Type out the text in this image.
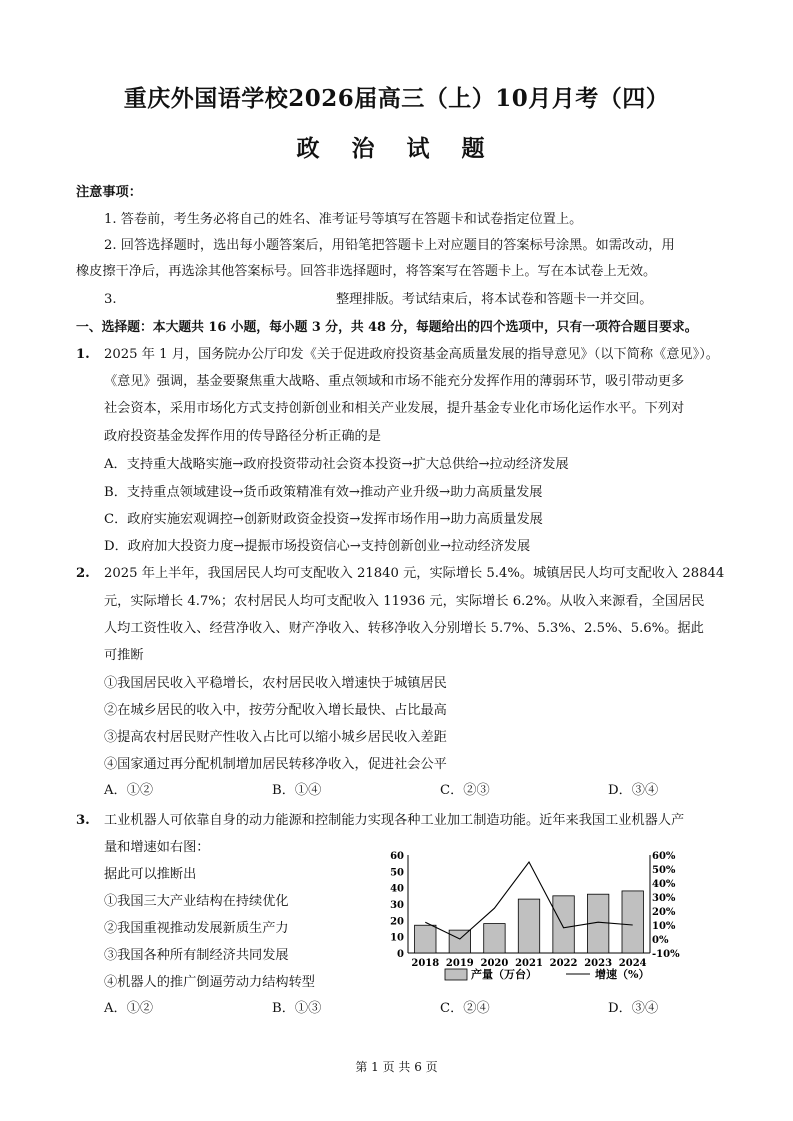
重庆外国语学校2026届高三（上）10月月考（四）
政 治 试 题
注意事项：
1. 答卷前，考生务必将自己的姓名、准考证号等填写在答题卡和试卷指定位置上。
2. 回答选择题时，选出每小题答案后，用铅笔把答题卡上对应题目的答案标号涂黑。如需改动，用
橡皮擦干净后，再选涂其他答案标号。回答非选择题时，将答案写在答题卡上。写在本试卷上无效。
3.	整理排版。考试结束后，将本试卷和答题卡一并交回。
一、选择题：本大题共 16 小题，每小题 3 分，共 48 分，每题给出的四个选项中，只有一项符合题目要求。
1. 2025 年 1 月，国务院办公厅印发《关于促进政府投资基金高质量发展的指导意见》（以下简称《意见》）。
《意见》强调，基金要聚焦重大战略、重点领域和市场不能充分发挥作用的薄弱环节，吸引带动更多
社会资本，采用市场化方式支持创新创业和相关产业发展，提升基金专业化市场化运作水平。下列对
政府投资基金发挥作用的传导路径分析正确的是
A．支持重大战略实施→政府投资带动社会资本投资→扩大总供给→拉动经济发展
B．支持重点领域建设→货币政策精准有效→推动产业升级→助力高质量发展
C．政府实施宏观调控→创新财政资金投资→发挥市场作用→助力高质量发展
D．政府加大投资力度→提振市场投资信心→支持创新创业→拉动经济发展
2. 2025 年上半年，我国居民人均可支配收入 21840 元，实际增长 5.4%。城镇居民人均可支配收入 28844
元，实际增长 4.7%；农村居民人均可支配收入 11936 元，实际增长 6.2%。从收入来源看，全国居民
人均工资性收入、经营净收入、财产净收入、转移净收入分别增长 5.7%、5.3%、2.5%、5.6%。据此
可推断
①我国居民收入平稳增长，农村居民收入增速快于城镇居民
②在城乡居民的收入中，按劳分配收入增长最快、占比最高
③提高农村居民财产性收入占比可以缩小城乡居民收入差距
④国家通过再分配机制增加居民转移净收入，促进社会公平
A．①②	B．①④	C．②③	D．③④
3. 工业机器人可依靠自身的动力能源和控制能力实现各种工业加工制造功能。近年来我国工业机器人产
量和增速如右图：
据此可以推断出
①我国三大产业结构在持续优化
②我国重视推动发展新质生产力
③我国各种所有制经济共同发展
④机器人的推广倒逼劳动力结构转型
A．①②	B．①③	C．②④	D．③④
0
10
20
30
40
50
60
-10%
0%
10%
20%
30%
40%
50%
60%
2018 2019 2020 2021 2022 2023 2024
产量（万台）	增速（%）
第 1 页 共 6 页
